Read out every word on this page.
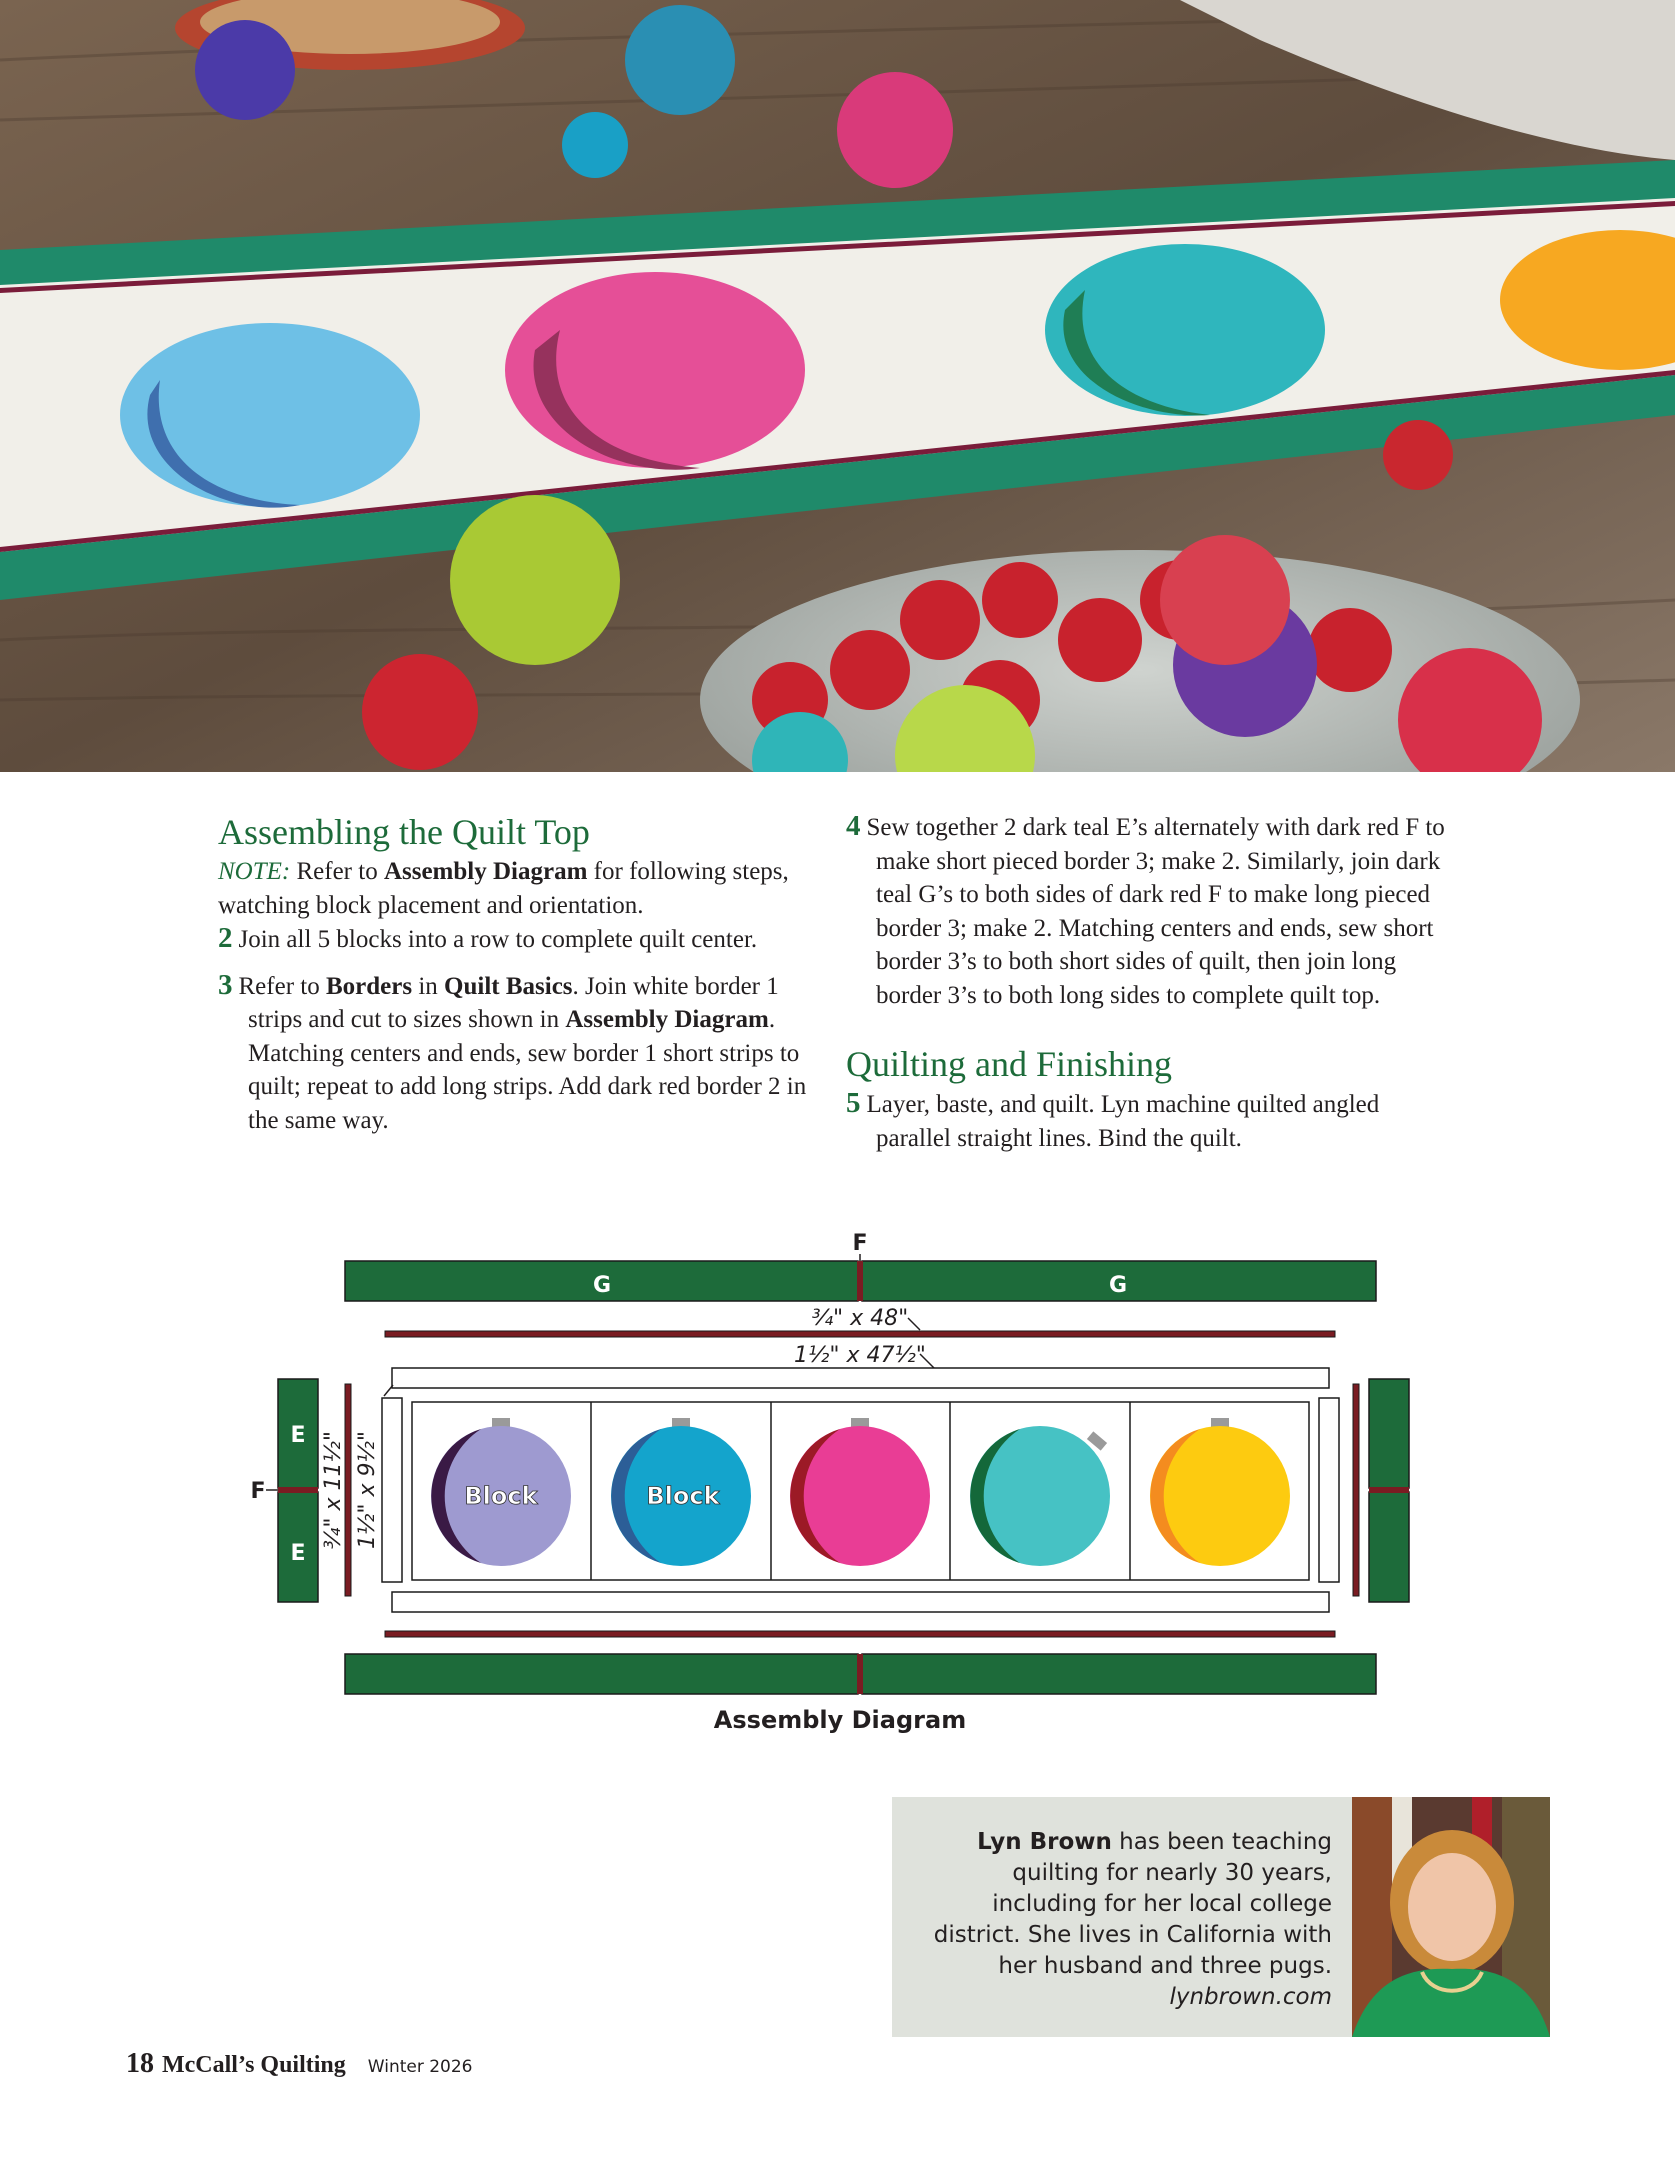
Assembling the Quilt Top

NOTE: Refer to Assembly Diagram for following steps, watching block placement and orientation.

2 Join all 5 blocks into a row to complete quilt center.

3 Refer to Borders in Quilt Basics. Join white border 1 strips and cut to sizes shown in Assembly Diagram. Matching centers and ends, sew border 1 short strips to quilt; repeat to add long strips. Add dark red border 2 in the same way.

4 Sew together 2 dark teal E’s alternately with dark red F to make short pieced border 3; make 2. Similarly, join dark teal G’s to both sides of dark red F to make long pieced border 3; make 2. Matching centers and ends, sew short border 3’s to both short sides of quilt, then join long border 3’s to both long sides to complete quilt top.

Quilting and Finishing

5 Layer, baste, and quilt. Lyn machine quilted angled parallel straight lines. Bind the quilt.

F
G	G
¾" x 48"
1½" x 47½"
E
E
F	¾" x 11½" 1½" x 9½"	Block	Block
Assembly Diagram
Lyn Brown has been teaching quilting for nearly 30 years, including for her local college district. She lives in California with her husband and three pugs.
lynbrown.com
18 McCall’s Quilting Winter 2026
